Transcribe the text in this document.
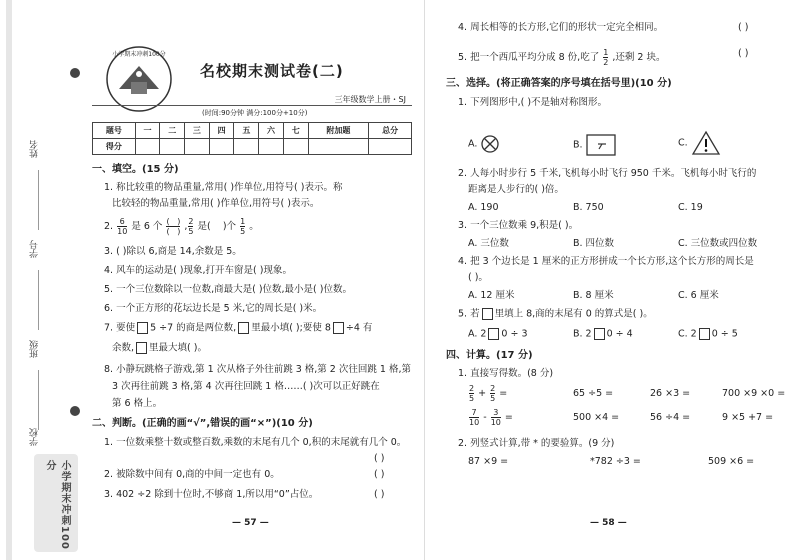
姓名
学号
班级
学校
小学期末冲刺100分
小学期末冲刺100分
名校期末测试卷(二)
三年级数学上册・SJ
(时间:90分钟 满分:100分+10分)
题号	一	二	三	四	五	六	七	附加题	总分
得分									
一、填空。(15 分)
1. 称比较重的物品重量,常用( )作单位,用符号( )表示。称
比较轻的物品重量,常用( )作单位,用符号( )表示。
2. $\frac{6}{10}$ 是 6 个 $\frac{( )}{( )}$ , $\frac{2}{5}$ 是( )个 $\frac{1}{5}$ 。
3. ( )除以 6,商是 14,余数是 5。
4. 风车的运动是( )现象,打开车窗是( )现象。
5. 一个三位数除以一位数,商最大是( )位数,最小是( )位数。
6. 一个正方形的花坛边长是 5 米,它的周长是( )米。
7. 要使 5 ÷7 的商是两位数, 里最小填( );要使 8 ÷4 有
余数, 里最大填( )。
8. 小静玩跳格子游戏,第 1 次从格子外往前跳 3 格,第 2 次往回跳 1 格,第
3 次再往前跳 3 格,第 4 次再往回跳 1 格……( )次可以正好跳在
第 6 格上。
二、判断。(正确的画“√”,错误的画“×”)(10 分)
1. 一位数乘整十数或整百数,乘数的末尾有几个 0,积的末尾就有几个 0。
( )
2. 被除数中间有 0,商的中间一定也有 0。	( )
3. 402 ÷2 除到十位时,不够商 1,所以用“0”占位。	( )
— 57 —
4. 周长相等的长方形,它们的形状一定完全相同。	( )
5. 把一个西瓜平均分成 8 份,吃了 $\frac{1}{2}$ ,还剩 2 块。	( )
三、选择。(将正确答案的序号填在括号里)(10 分)
1. 下列图形中,( )不是轴对称图形。
A.	B.	C.
2. 人每小时步行 5 千米,飞机每小时飞行 950 千米。飞机每小时飞行的
距离是人步行的( )倍。
A. 190	B. 750	C. 19
3. 一个三位数乘 9,积是( )。
A. 三位数	B. 四位数	C. 三位数或四位数
4. 把 3 个边长是 1 厘米的正方形拼成一个长方形,这个长方形的周长是
( )。
A. 12 厘米	B. 8 厘米	C. 6 厘米
5. 若 里填上 8,商的末尾有 0 的算式是( )。
A. 2 0 ÷ 3	B. 2 0 ÷ 4	C. 2 0 ÷ 5
四、计算。(17 分)
1. 直接写得数。(8 分)
$\frac{2}{5} + \frac{2}{5}$ =	65 ÷5 =	26 ×3 =	700 ×9 ×0 =
$\frac{7}{10} - \frac{3}{10}$ =	500 ×4 =	56 ÷4 =	9 ×5 +7 =
2. 列竖式计算,带 * 的要验算。(9 分)
87 ×9 =	*782 ÷3 =	509 ×6 =
— 58 —
